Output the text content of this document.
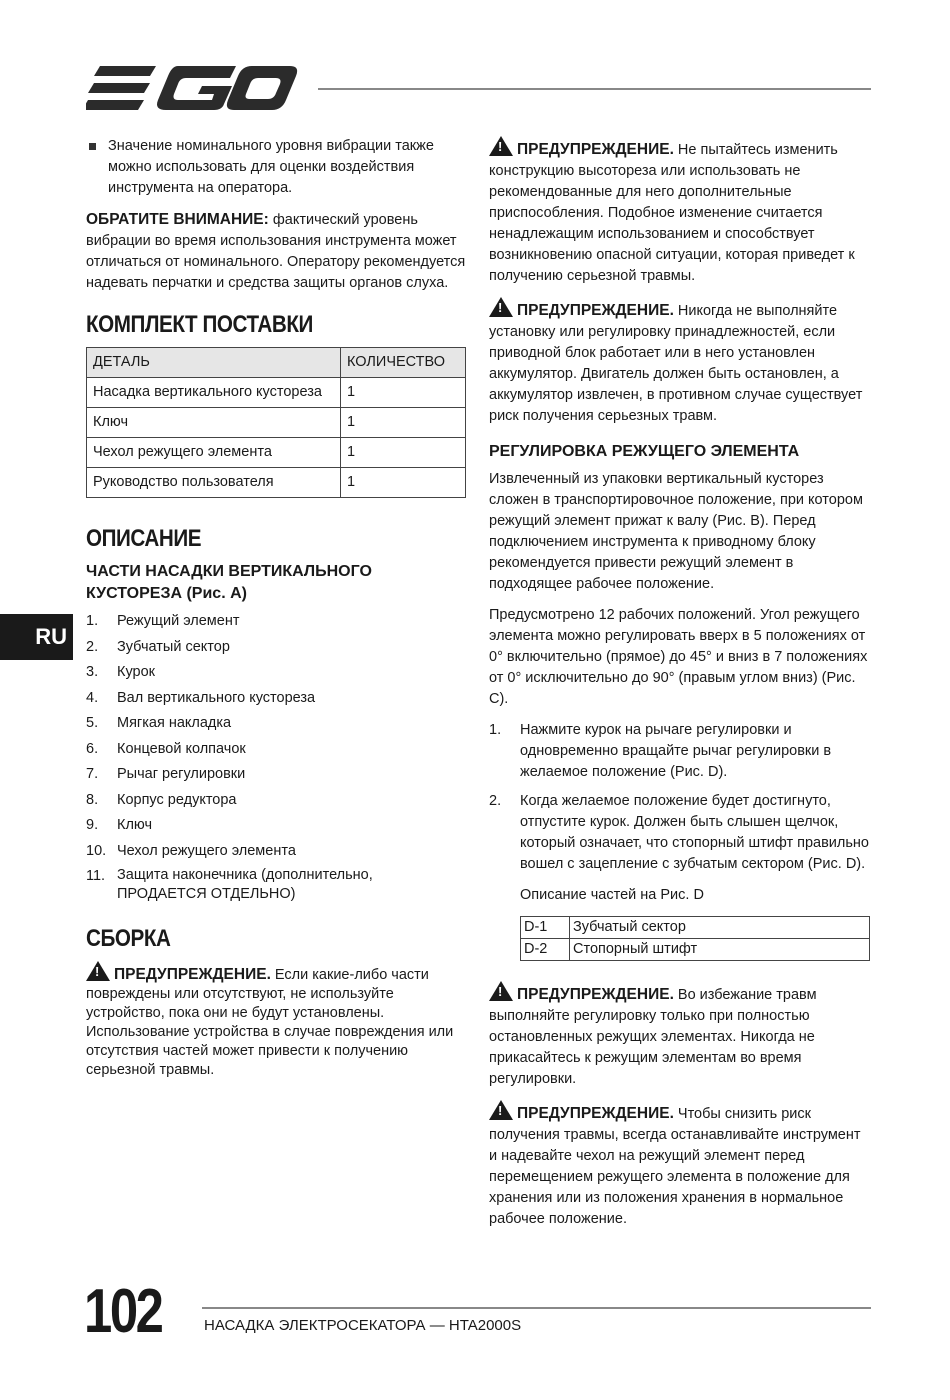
RU

Значение номинального уровня вибрации также можно использовать для оценки воздействия инструмента на оператора.

ОБРАТИТЕ ВНИМАНИЕ: фактический уровень вибрации во время использования инструмента может отличаться от номинального. Оператору рекомендуется надевать перчатки и средства защиты органов слуха.

КОМПЛЕКТ ПОСТАВКИ
ДЕТАЛЬ	КОЛИЧЕСТВО
Насадка вертикального кустореза	1
Ключ	1
Чехол режущего элемента	1
Руководство пользователя	1
ОПИСАНИЕ
ЧАСТИ НАСАДКИ ВЕРТИКАЛЬНОГО КУСТОРЕЗА (Рис. А)
1.	Режущий элемент
2.	Зубчатый сектор
3.	Курок
4.	Вал вертикального кустореза
5.	Мягкая накладка
6.	Концевой колпачок
7.	Рычаг регулировки
8.	Корпус редуктора
9.	Ключ
10. Чехол режущего элемента
11. Защита наконечника (дополнительно, ПРОДАЕТСЯ ОТДЕЛЬНО)
СБОРКА

!ПРЕДУПРЕЖДЕНИЕ. Если какие-либо части повреждены или отсутствуют, не используйте устройство, пока они не будут установлены. Использование устройства в случае повреждения или отсутствия частей может привести к получению серьезной травмы.

!ПРЕДУПРЕЖДЕНИЕ. Не пытайтесь изменить конструкцию высотореза или использовать не рекомендованные для него дополнительные приспособления. Подобное изменение считается ненадлежащим использованием и способствует возникновению опасной ситуации, которая приведет к получению серьезной травмы.

!ПРЕДУПРЕЖДЕНИЕ. Никогда не выполняйте установку или регулировку принадлежностей, если приводной блок работает или в него установлен аккумулятор. Двигатель должен быть остановлен, а аккумулятор извлечен, в противном случае существует риск получения серьезных травм.

РЕГУЛИРОВКА РЕЖУЩЕГО ЭЛЕМЕНТА

Извлеченный из упаковки вертикальный кусторез сложен в транспортировочное положение, при котором режущий элемент прижат к валу (Рис. B). Перед подключением инструмента к приводному блоку рекомендуется привести режущий элемент в подходящее рабочее положение.

Предусмотрено 12 рабочих положений. Угол режущего элемента можно регулировать вверх в 5 положениях от 0° включительно (прямое) до 45° и вниз в 7 положениях от 0° исключительно до 90° (правым углом вниз) (Рис. C).

1.	Нажмите курок на рычаге регулировки и одновременно вращайте рычаг регулировки в желаемое положение (Рис. D).
2.	Когда желаемое положение будет достигнуто, отпустите курок. Должен быть слышен щелчок, который означает, что стопорный штифт правильно вошел с зацепление с зубчатым сектором (Рис. D).

Описание частей на Рис. D

D-1	Зубчатый сектор
D-2	Стопорный штифт

!ПРЕДУПРЕЖДЕНИЕ. Во избежание травм выполняйте регулировку только при полностью остановленных режущих элементах. Никогда не прикасайтесь к режущим элементам во время регулировки.

!ПРЕДУПРЕЖДЕНИЕ. Чтобы снизить риск получения травмы, всегда останавливайте инструмент и надевайте чехол на режущий элемент перед перемещением режущего элемента в положение для хранения или из положения хранения в нормальное рабочее положение.

102	НАСАДКА ЭЛЕКТРОСЕКАТОРА — HTA2000S
